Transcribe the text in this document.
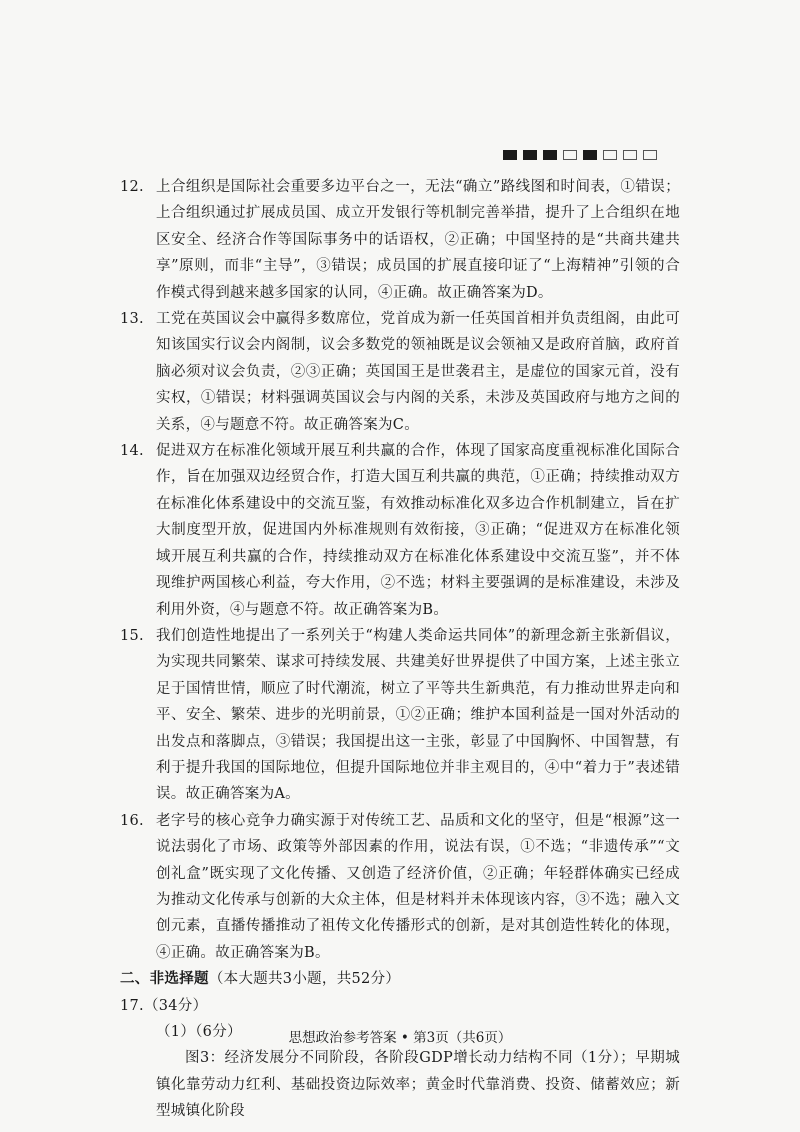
12. 上合组织是国际社会重要多边平台之一，无法“确立”路线图和时间表，①错误；上合组织通过扩展成员国、成立开发银行等机制完善举措，提升了上合组织在地区安全、经济合作等国际事务中的话语权，②正确；中国坚持的是“共商共建共享”原则，而非“主导”，③错误；成员国的扩展直接印证了“上海精神”引领的合作模式得到越来越多国家的认同，④正确。故正确答案为D。
13. 工党在英国议会中赢得多数席位，党首成为新一任英国首相并负责组阁，由此可知该国实行议会内阁制，议会多数党的领袖既是议会领袖又是政府首脑，政府首脑必须对议会负责，②③正确；英国国王是世袭君主，是虚位的国家元首，没有实权，①错误；材料强调英国议会与内阁的关系，未涉及英国政府与地方之间的关系，④与题意不符。故正确答案为C。
14. 促进双方在标准化领域开展互利共赢的合作，体现了国家高度重视标准化国际合作，旨在加强双边经贸合作，打造大国互利共赢的典范，①正确；持续推动双方在标准化体系建设中的交流互鉴，有效推动标准化双多边合作机制建立，旨在扩大制度型开放，促进国内外标准规则有效衔接，③正确；“促进双方在标准化领域开展互利共赢的合作，持续推动双方在标准化体系建设中交流互鉴”，并不体现维护两国核心利益，夸大作用，②不选；材料主要强调的是标准建设，未涉及利用外资，④与题意不符。故正确答案为B。
15. 我们创造性地提出了一系列关于“构建人类命运共同体”的新理念新主张新倡议，为实现共同繁荣、谋求可持续发展、共建美好世界提供了中国方案，上述主张立足于国情世情，顺应了时代潮流，树立了平等共生新典范，有力推动世界走向和平、安全、繁荣、进步的光明前景，①②正确；维护本国利益是一国对外活动的出发点和落脚点，③错误；我国提出这一主张，彰显了中国胸怀、中国智慧，有利于提升我国的国际地位，但提升国际地位并非主观目的，④中“着力于”表述错误。故正确答案为A。
16. 老字号的核心竞争力确实源于对传统工艺、品质和文化的坚守，但是“根源”这一说法弱化了市场、政策等外部因素的作用，说法有误，①不选；“非遗传承”“文创礼盒”既实现了文化传播、又创造了经济价值，②正确；年轻群体确实已经成为推动文化传承与创新的大众主体，但是材料并未体现该内容，③不选；融入文创元素，直播传播推动了祖传文化传播形式的创新，是对其创造性转化的体现，④正确。故正确答案为B。
二、非选择题（本大题共3小题，共52分）
17.（34分）
（1）（6分）
图3：经济发展分不同阶段，各阶段GDP增长动力结构不同（1分）；早期城镇化靠劳动力红利、基础投资边际效率；黄金时代靠消费、投资、储蓄效应；新型城镇化阶段
思想政治参考答案 • 第3页（共6页）
